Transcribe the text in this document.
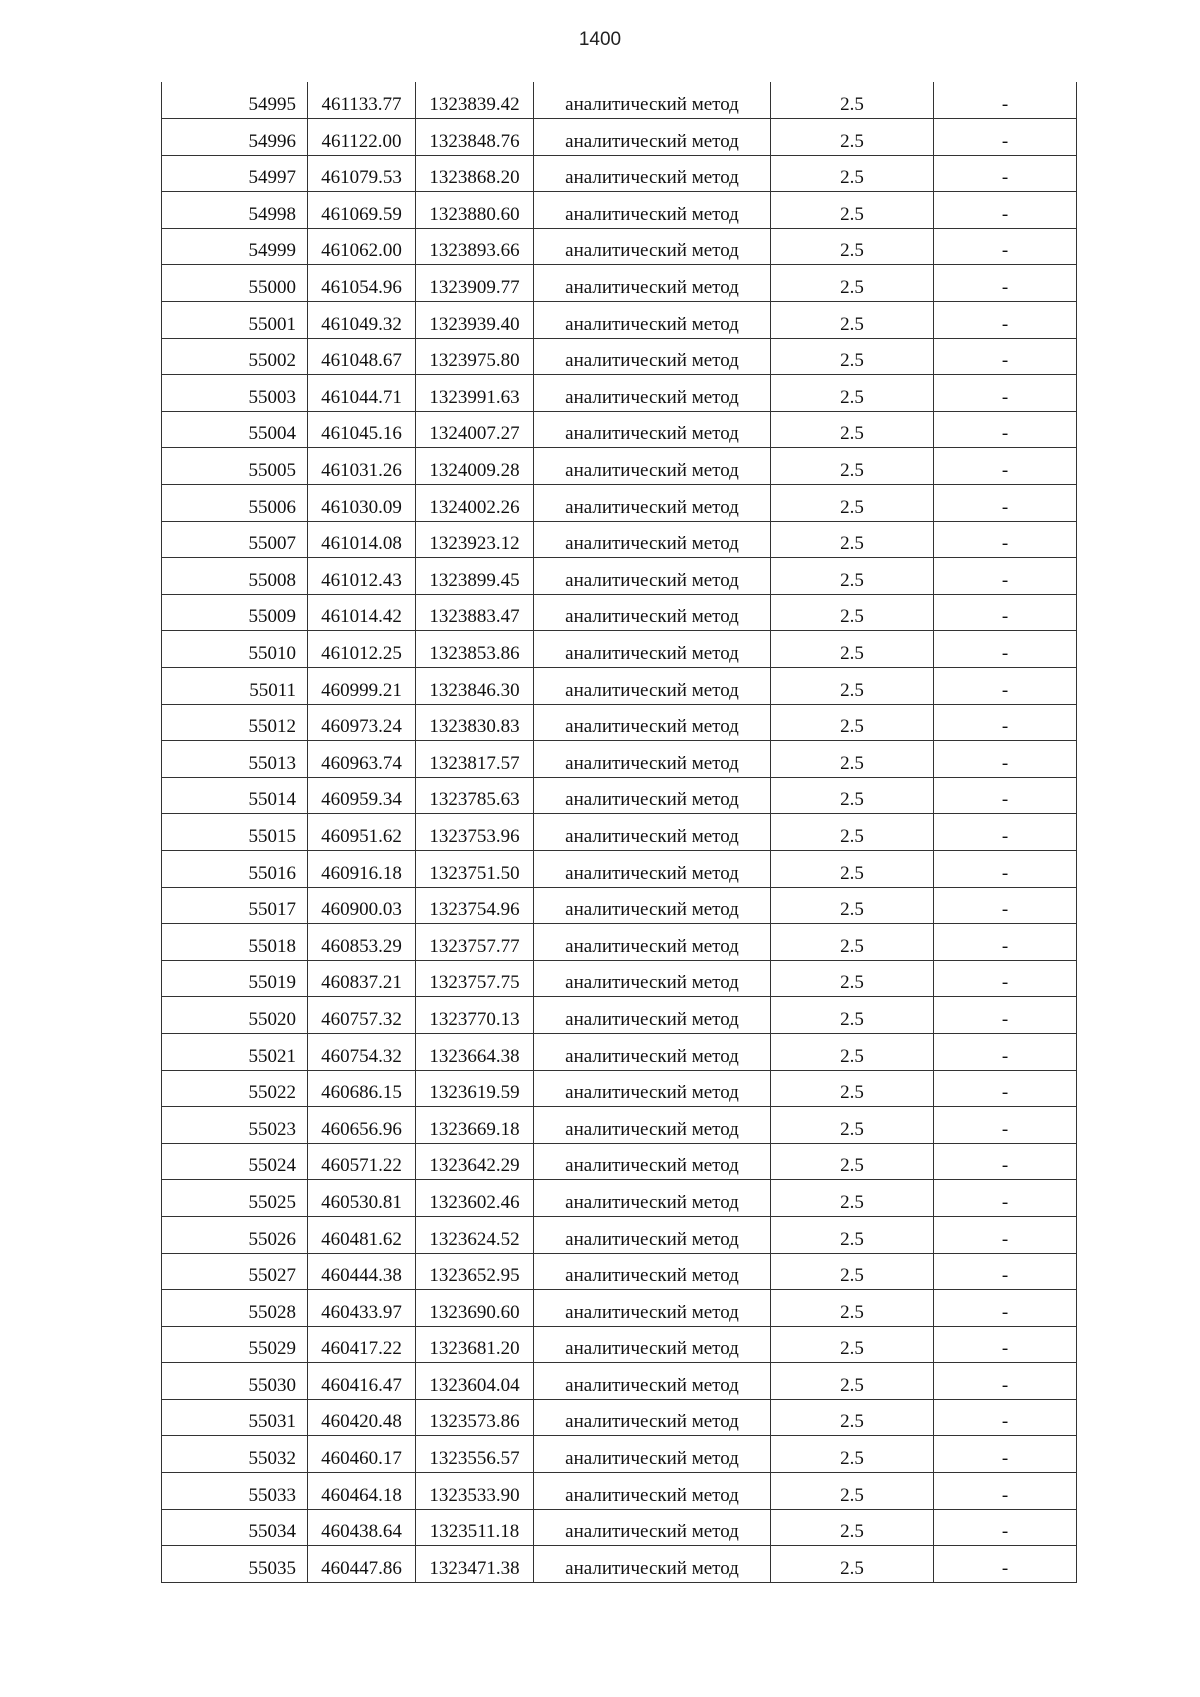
1400
54995	461133.77	1323839.42	аналитический метод	2.5	-
54996	461122.00	1323848.76	аналитический метод	2.5	-
54997	461079.53	1323868.20	аналитический метод	2.5	-
54998	461069.59	1323880.60	аналитический метод	2.5	-
54999	461062.00	1323893.66	аналитический метод	2.5	-
55000	461054.96	1323909.77	аналитический метод	2.5	-
55001	461049.32	1323939.40	аналитический метод	2.5	-
55002	461048.67	1323975.80	аналитический метод	2.5	-
55003	461044.71	1323991.63	аналитический метод	2.5	-
55004	461045.16	1324007.27	аналитический метод	2.5	-
55005	461031.26	1324009.28	аналитический метод	2.5	-
55006	461030.09	1324002.26	аналитический метод	2.5	-
55007	461014.08	1323923.12	аналитический метод	2.5	-
55008	461012.43	1323899.45	аналитический метод	2.5	-
55009	461014.42	1323883.47	аналитический метод	2.5	-
55010	461012.25	1323853.86	аналитический метод	2.5	-
55011	460999.21	1323846.30	аналитический метод	2.5	-
55012	460973.24	1323830.83	аналитический метод	2.5	-
55013	460963.74	1323817.57	аналитический метод	2.5	-
55014	460959.34	1323785.63	аналитический метод	2.5	-
55015	460951.62	1323753.96	аналитический метод	2.5	-
55016	460916.18	1323751.50	аналитический метод	2.5	-
55017	460900.03	1323754.96	аналитический метод	2.5	-
55018	460853.29	1323757.77	аналитический метод	2.5	-
55019	460837.21	1323757.75	аналитический метод	2.5	-
55020	460757.32	1323770.13	аналитический метод	2.5	-
55021	460754.32	1323664.38	аналитический метод	2.5	-
55022	460686.15	1323619.59	аналитический метод	2.5	-
55023	460656.96	1323669.18	аналитический метод	2.5	-
55024	460571.22	1323642.29	аналитический метод	2.5	-
55025	460530.81	1323602.46	аналитический метод	2.5	-
55026	460481.62	1323624.52	аналитический метод	2.5	-
55027	460444.38	1323652.95	аналитический метод	2.5	-
55028	460433.97	1323690.60	аналитический метод	2.5	-
55029	460417.22	1323681.20	аналитический метод	2.5	-
55030	460416.47	1323604.04	аналитический метод	2.5	-
55031	460420.48	1323573.86	аналитический метод	2.5	-
55032	460460.17	1323556.57	аналитический метод	2.5	-
55033	460464.18	1323533.90	аналитический метод	2.5	-
55034	460438.64	1323511.18	аналитический метод	2.5	-
55035	460447.86	1323471.38	аналитический метод	2.5	-
